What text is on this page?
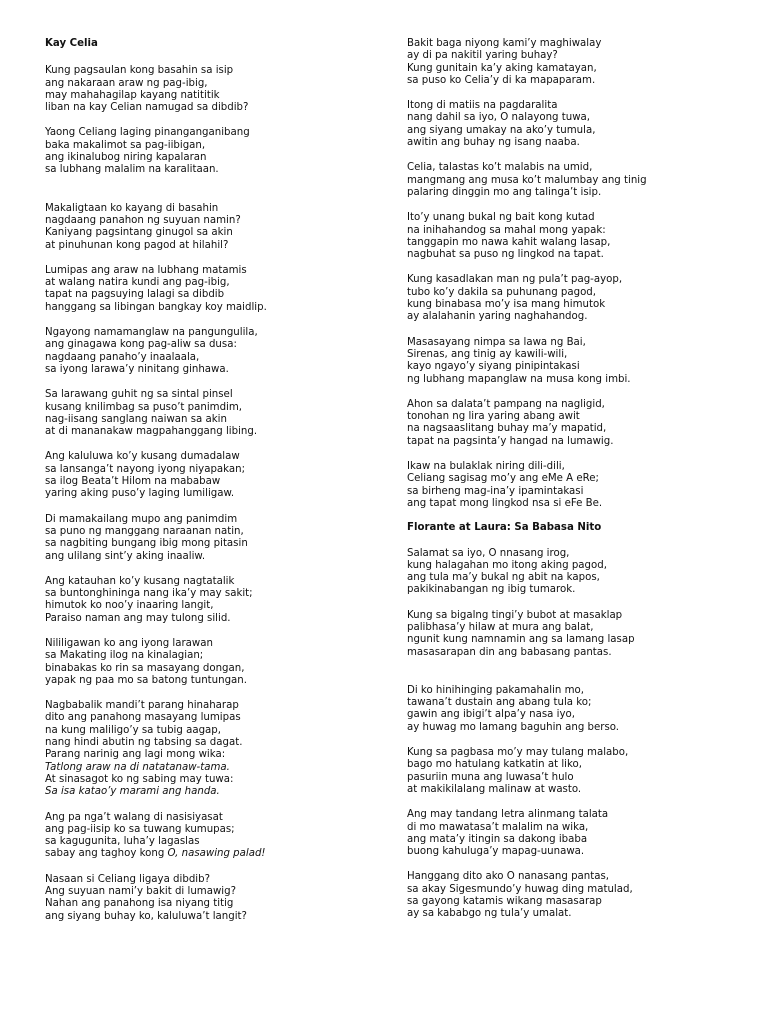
Kay Celia
Kung pagsaulan kong basahin sa isip
ang nakaraan araw ng pag-ibig,
may mahahagilap kayang natititik
liban na kay Celian namugad sa dibdib?
Yaong Celiang laging pinanganganibang
baka makalimot sa pag-iibigan,
ang ikinalubog niring kapalaran
sa lubhang malalim na karalitaan.
Makaligtaan ko kayang di basahin
nagdaang panahon ng suyuan namin?
Kaniyang pagsintang ginugol sa akin
at pinuhunan kong pagod at hilahil?
Lumipas ang araw na lubhang matamis
at walang natira kundi ang pag-ibig,
tapat na pagsuying lalagi sa dibdib
hanggang sa libingan bangkay koy maidlip.
Ngayong namamanglaw na pangungulila,
ang ginagawa kong pag-aliw sa dusa:
nagdaang panaho’y inaalaala,
sa iyong larawa’y ninitang ginhawa.
Sa larawang guhit ng sa sintal pinsel
kusang knilimbag sa puso’t panimdim,
nag-iisang sanglang naiwan sa akin
at di mananakaw magpahanggang libing.
Ang kaluluwa ko’y kusang dumadalaw
sa lansanga’t nayong iyong niyapakan;
sa ilog Beata’t Hilom na mababaw
yaring aking puso’y laging lumiligaw.
Di mamakailang mupo ang panimdim
sa puno ng manggang naraanan natin,
sa nagbiting bungang ibig mong pitasin
ang ulilang sint’y aking inaaliw.
Ang katauhan ko’y kusang nagtatalik
sa buntonghininga nang ika’y may sakit;
himutok ko noo’y inaaring langit,
Paraiso naman ang may tulong silid.
Nililigawan ko ang iyong larawan
sa Makating ilog na kinalagian;
binabakas ko rin sa masayang dongan,
yapak ng paa mo sa batong tuntungan.
Nagbabalik mandi’t parang hinaharap
dito ang panahong masayang lumipas
na kung maliligo’y sa tubig aagap,
nang hindi abutin ng tabsing sa dagat.
Parang narinig ang lagi mong wika:
Tatlong araw na di natatanaw-tama.
At sinasagot ko ng sabing may tuwa:
Sa isa katao’y marami ang handa.
Ang pa nga’t walang di nasisiyasat
ang pag-iisip ko sa tuwang kumupas;
sa kagugunita, luha’y lagaslas
sabay ang taghoy kong O, nasawing palad!
Nasaan si Celiang ligaya dibdib?
Ang suyuan nami’y bakit di lumawig?
Nahan ang panahong isa niyang titig
ang siyang buhay ko, kaluluwa’t langit?
Bakit baga niyong kami’y maghiwalay
ay di pa nakitil yaring buhay?
Kung gunitain ka’y aking kamatayan,
sa puso ko Celia’y di ka mapaparam.
Itong di matiis na pagdaralita
nang dahil sa iyo, O nalayong tuwa,
ang siyang umakay na ako’y tumula,
awitin ang buhay ng isang naaba.
Celia, talastas ko’t malabis na umid,
mangmang ang musa ko’t malumbay ang tinig
palaring dinggin mo ang talinga’t isip.
Ito’y unang bukal ng bait kong kutad
na inihahandog sa mahal mong yapak:
tanggapin mo nawa kahit walang lasap,
nagbuhat sa puso ng lingkod na tapat.
Kung kasadlakan man ng pula’t pag-ayop,
tubo ko’y dakila sa puhunang pagod,
kung binabasa mo’y isa mang himutok
ay alalahanin yaring naghahandog.
Masasayang nimpa sa lawa ng Bai,
Sirenas, ang tinig ay kawili-wili,
kayo ngayo’y siyang pinipintakasi
ng lubhang mapanglaw na musa kong imbi.
Ahon sa dalata’t pampang na nagligid,
tonohan ng lira yaring abang awit
na nagsaaslitang buhay ma’y mapatid,
tapat na pagsinta’y hangad na lumawig.
Ikaw na bulaklak niring dili-dili,
Celiang sagisag mo’y ang eMe A eRe;
sa birheng mag-ina’y ipamintakasi
ang tapat mong lingkod nsa si eFe Be.
Florante at Laura: Sa Babasa Nito
Salamat sa iyo, O nnasang irog,
kung halagahan mo itong aking pagod,
ang tula ma’y bukal ng abit na kapos,
pakikinabangan ng ibig tumarok.
Kung sa bigalng tingi’y bubot at masaklap
palibhasa’y hilaw at mura ang balat,
ngunit kung namnamin ang sa lamang lasap
masasarapan din ang babasang pantas.
Di ko hinihinging pakamahalin mo,
tawana’t dustain ang abang tula ko;
gawin ang ibigi’t alpa’y nasa iyo,
ay huwag mo lamang baguhin ang berso.
Kung sa pagbasa mo’y may tulang malabo,
bago mo hatulang katkatin at liko,
pasuriin muna ang luwasa’t hulo
at makikilalang malinaw at wasto.
Ang may tandang letra alinmang talata
di mo mawatasa’t malalim na wika,
ang mata’y itingin sa dakong ibaba
buong kahuluga’y mapag-uunawa.
Hanggang dito ako O nanasang pantas,
sa akay Sigesmundo’y huwag ding matulad,
sa gayong katamis wikang masasarap
ay sa kababgo ng tula’y umalat.
